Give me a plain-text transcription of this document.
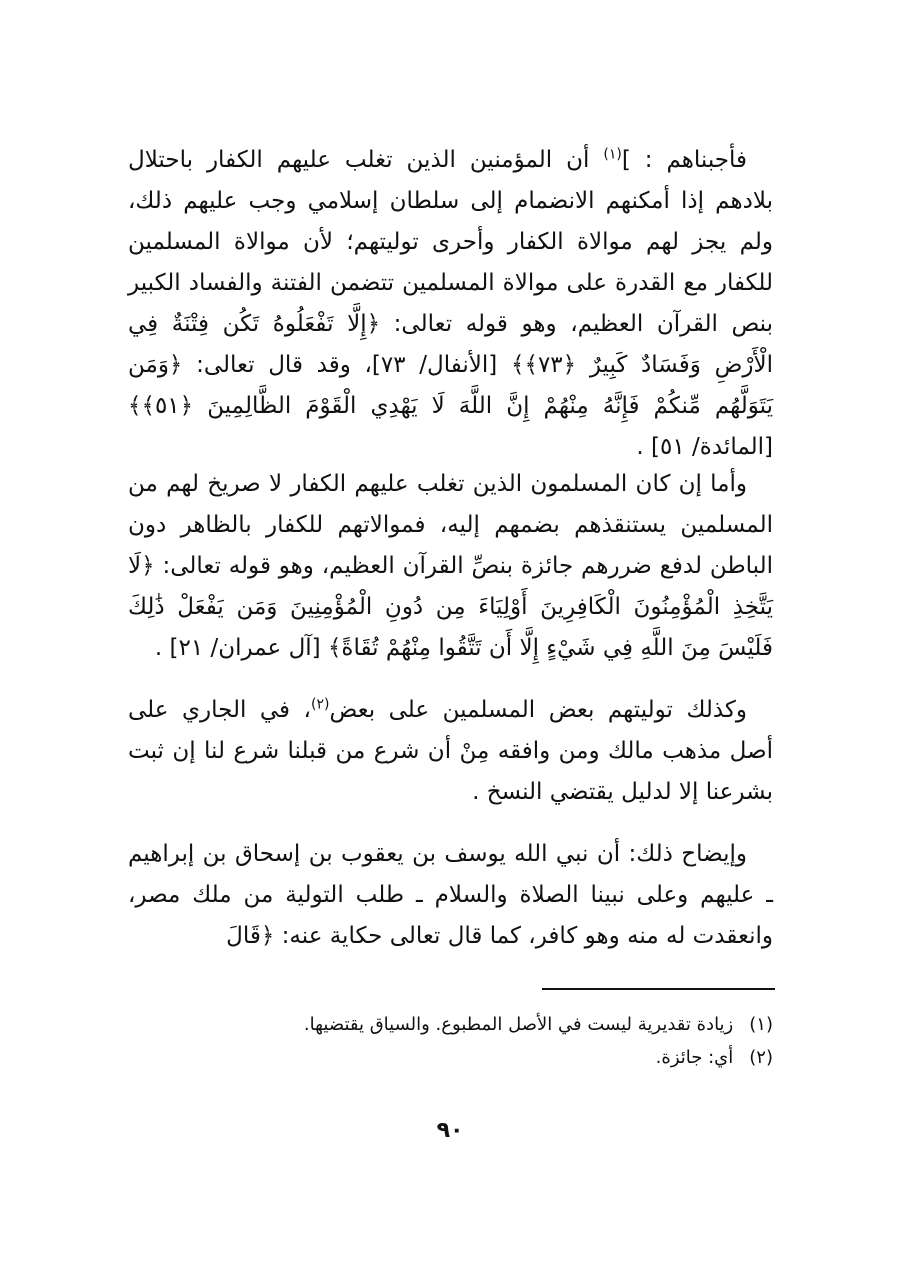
فأجبناهم : ]$^{(١)}$ أن المؤمنين الذين تغلب عليهم الكفار باحتلال بلادهم إذا أمكنهم الانضمام إلى سلطان إسلامي وجب عليهم ذلك، ولم يجز لهم موالاة الكفار وأحرى توليتهم؛ لأن موالاة المسلمين للكفار مع القدرة على موالاة المسلمين تتضمن الفتنة والفساد الكبير بنص القرآن العظيم، وهو قوله تعالى: ﴿إِلَّا تَفْعَلُوهُ تَكُن فِتْنَةٌ فِي الْأَرْضِ وَفَسَادٌ كَبِيرٌ ﴿٧٣﴾﴾ [الأنفال/ ٧٣]، وقد قال تعالى: ﴿وَمَن يَتَوَلَّهُم مِّنكُمْ فَإِنَّهُ مِنْهُمْ إِنَّ اللَّهَ لَا يَهْدِي الْقَوْمَ الظَّالِمِينَ ﴿٥١﴾﴾ [المائدة/ ٥١] .

وأما إن كان المسلمون الذين تغلب عليهم الكفار لا صريخ لهم من المسلمين يستنقذهم بضمهم إليه، فموالاتهم للكفار بالظاهر دون الباطن لدفع ضررهم جائزة بنصِّ القرآن العظيم، وهو قوله تعالى: ﴿لَا يَتَّخِذِ الْمُؤْمِنُونَ الْكَافِرِينَ أَوْلِيَاءَ مِن دُونِ الْمُؤْمِنِينَ وَمَن يَفْعَلْ ذَٰلِكَ فَلَيْسَ مِنَ اللَّهِ فِي شَيْءٍ إِلَّا أَن تَتَّقُوا مِنْهُمْ تُقَاةً﴾ [آل عمران/ ٢١] .

وكذلك توليتهم بعض المسلمين على بعض$^{(٢)}$، في الجاري على أصل مذهب مالك ومن وافقه مِنْ أن شرع من قبلنا شرع لنا إن ثبت بشرعنا إلا لدليل يقتضي النسخ .

وإيضاح ذلك: أن نبي الله يوسف بن يعقوب بن إسحاق بن إبراهيم ـ عليهم وعلى نبينا الصلاة والسلام ـ طلب التولية من ملك مصر، وانعقدت له منه وهو كافر، كما قال تعالى حكاية عنه: ﴿قَالَ

(١) زيادة تقديرية ليست في الأصل المطبوع. والسياق يقتضيها.
(٢) أي: جائزة.
٩٠
